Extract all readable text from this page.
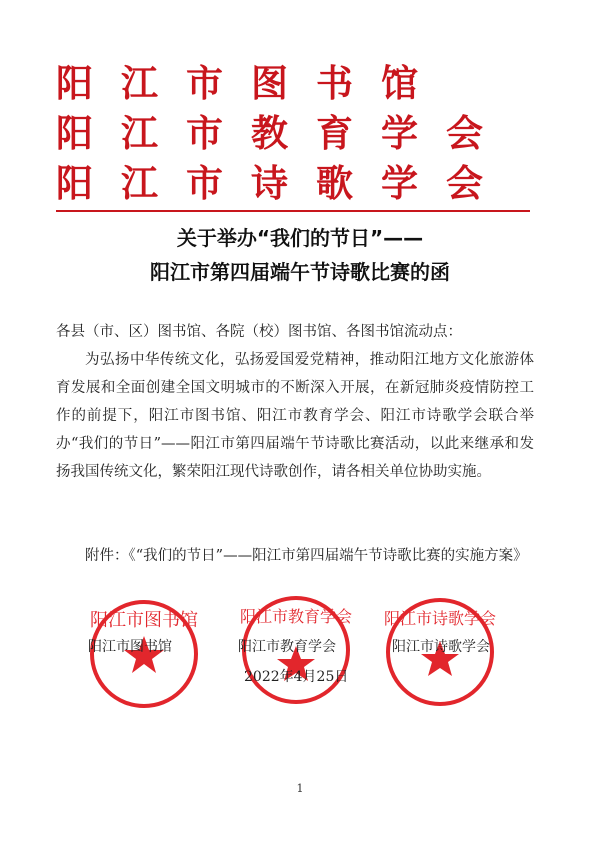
阳江市图书馆
阳江市教育学会
阳江市诗歌学会
关于举办“我们的节日”——
阳江市第四届端午节诗歌比赛的函
各县（市、区）图书馆、各院（校）图书馆、各图书馆流动点：
为弘扬中华传统文化，弘扬爱国爱党精神，推动阳江地方文化旅游体育发展和全面创建全国文明城市的不断深入开展，在新冠肺炎疫情防控工作的前提下，阳江市图书馆、阳江市教育学会、阳江市诗歌学会联合举办“我们的节日”——阳江市第四届端午节诗歌比赛活动，以此来继承和发扬我国传统文化，繁荣阳江现代诗歌创作，请各相关单位协助实施。
附件：《“我们的节日”——阳江市第四届端午节诗歌比赛的实施方案》
阳江市图书馆	阳江市教育学会 阳江市诗歌学会
阳江市图书馆	阳江市教育学会	阳江市诗歌学会
2022年4月25日
1
